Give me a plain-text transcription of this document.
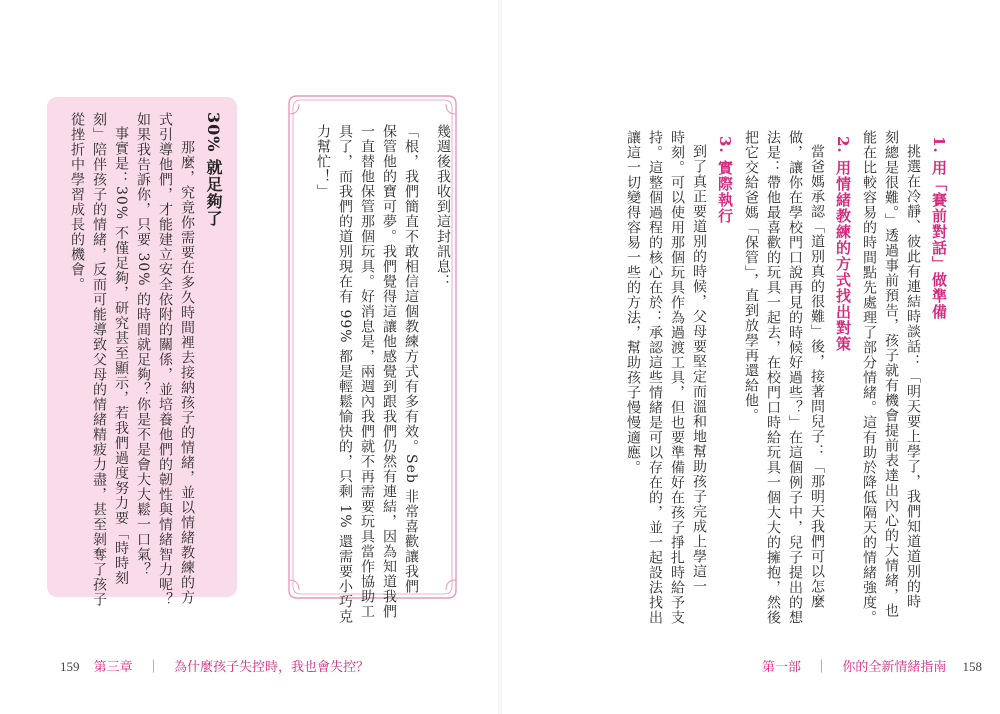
30% 就足夠了
那麼，究竟你需要在多久時間裡去接納孩子的情緒，並以情緒教練的方
式引導他們，才能建立安全依附的關係，並培養他們的韌性與情緒智力呢？
如果我告訴你，只要 30% 的時間就足夠？你是不是會大大鬆一口氣？
事實是：30% 不僅足夠，研究甚至顯示，若我們過度努力要「時時刻
刻」陪伴孩子的情緒，反而可能導致父母的情緒精疲力盡，甚至剝奪了孩子
從挫折中學習成長的機會。	幾週後我收到這封訊息：
「根，我們簡直不敢相信這個教練方式有多有效。Seb 非常喜歡讓我們
保管他的寶可夢。我們覺得這讓他感覺到跟我們仍然有連結，因為知道我們
一直替他保管那個玩具。好消息是，兩週內我們就不再需要玩具當作協助工
具了，而我們的道別現在有 99% 都是輕鬆愉快的，只剩 1% 還需要小巧克
力幫忙！」
159 第三章 ｜ 為什麼孩子失控時，我也會失控？
1. 用「賽前對話」做準備
挑選在冷靜、彼此有連結時談話：「明天要上學了，我們知道道別的時
刻總是很難。」透過事前預告，孩子就有機會提前表達出內心的大情緒，也
能在比較容易的時間點先處理了部分情緒。這有助於降低隔天的情緒強度。
2. 用情緒教練的方式找出對策
當爸媽承認「道別真的很難」後，接著問兒子：「那明天我們可以怎麼
做，讓你在學校門口說再見的時候好過些？」在這個例子中，兒子提出的想
法是：帶他最喜歡的玩具一起去，在校門口時給玩具一個大大的擁抱，然後
把它交給爸媽「保管」，直到放學再還給他。
3. 實際執行
到了真正要道別的時候，父母要堅定而溫和地幫助孩子完成上學這一
時刻。可以使用那個玩具作為過渡工具，但也要準備好在孩子掙扎時給予支
持。這整個過程的核心在於：承認這些情緒是可以存在的，並一起設法找出
讓這一切變得容易一些的方法，幫助孩子慢慢適應。
第一部 ｜ 你的全新情緒指南 158
